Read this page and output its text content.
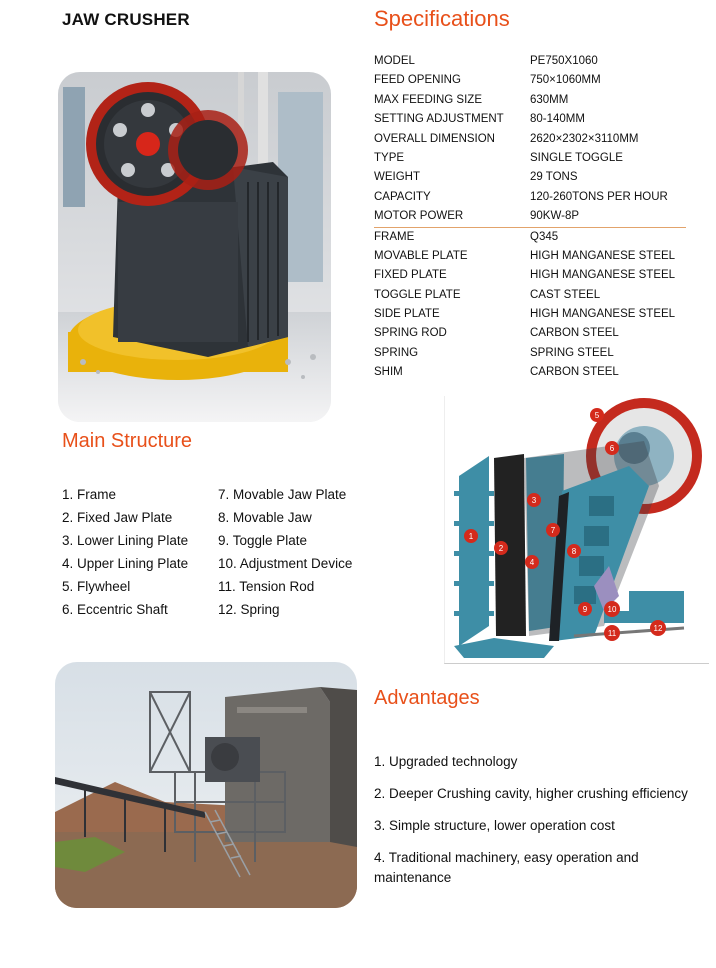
JAW CRUSHER	Specifications
MODEL	PE750X1060
FEED OPENING	750×1060MM
MAX FEEDING SIZE	630MM
SETTING ADJUSTMENT 80-140MM
OVERALL DIMENSION	2620×2302×3110MM
TYPE	SINGLE TOGGLE
WEIGHT	29 TONS
CAPACITY	120-260TONS PER HOUR
MOTOR POWER	90KW-8P
FRAME	Q345
MOVABLE PLATE	HIGH MANGANESE STEEL
FIXED PLATE	HIGH MANGANESE STEEL
TOGGLE PLATE	CAST STEEL
SIDE PLATE	HIGH MANGANESE STEEL
SPRING ROD	CARBON STEEL
SPRING	SPRING STEEL
SHIM	CARBON STEEL
Main Structure
1. Frame
2. Fixed Jaw Plate
3. Lower Lining Plate
4. Upper Lining Plate
5. Flywheel
6. Eccentric Shaft
7. Movable Jaw Plate
8. Movable Jaw
9. Toggle Plate
10. Adjustment Device
11. Tension Rod
12. Spring
1
2
3
4
5
6
7
8
9	10
11
12
Advantages
1. Upgraded technology
2. Deeper Crushing cavity, higher crushing efficiency
3. Simple structure, lower operation cost
4. Traditional machinery, easy operation and maintenance
